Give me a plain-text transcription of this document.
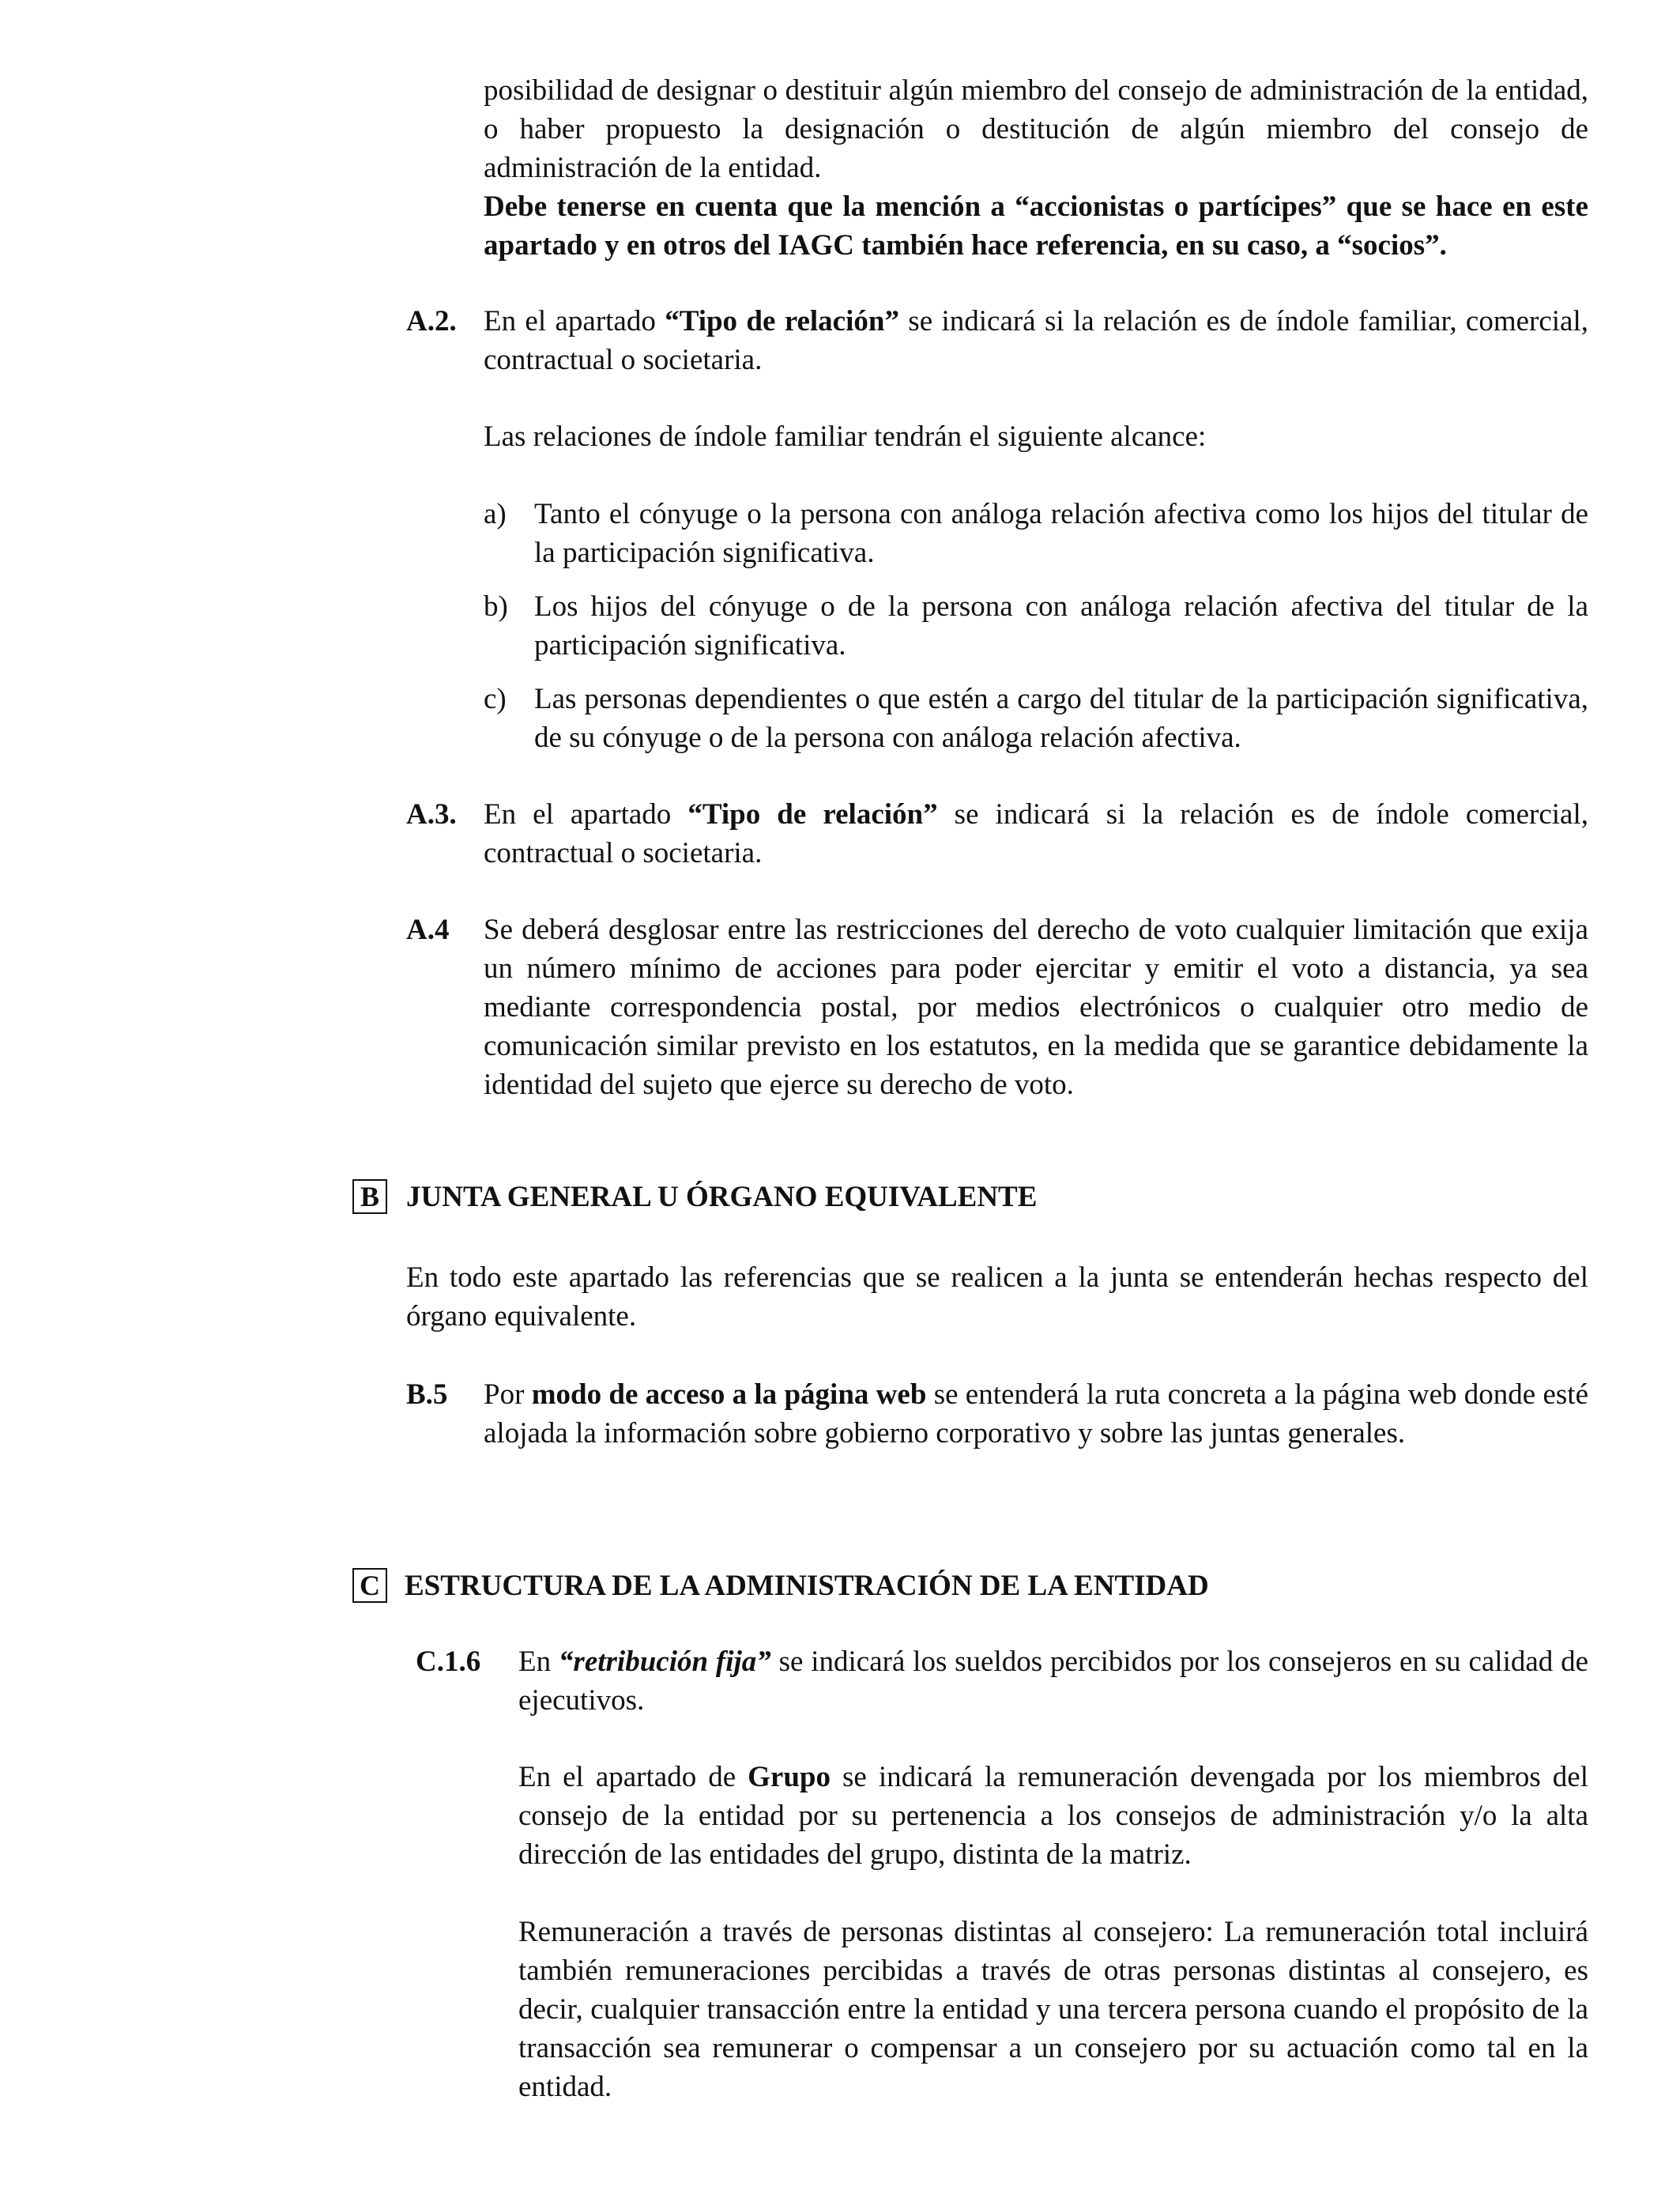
posibilidad de designar o destituir algún miembro del consejo de administración de la entidad, o haber propuesto la designación o destitución de algún miembro del consejo de administración de la entidad.

Debe tenerse en cuenta que la mención a “accionistas o partícipes” que se hace en este apartado y en otros del IAGC también hace referencia, en su caso, a “socios”.

A.2. En el apartado “Tipo de relación” se indicará si la relación es de índole familiar, comercial, contractual o societaria.

Las relaciones de índole familiar tendrán el siguiente alcance:

a) Tanto el cónyuge o la persona con análoga relación afectiva como los hijos del titular de la participación significativa.

b) Los hijos del cónyuge o de la persona con análoga relación afectiva del titular de la participación significativa.

c) Las personas dependientes o que estén a cargo del titular de la participación significativa, de su cónyuge o de la persona con análoga relación afectiva.

A.3. En el apartado “Tipo de relación” se indicará si la relación es de índole comercial, contractual o societaria.

A.4 Se deberá desglosar entre las restricciones del derecho de voto cualquier limitación que exija un número mínimo de acciones para poder ejercitar y emitir el voto a distancia, ya sea mediante correspondencia postal, por medios electrónicos o cualquier otro medio de comunicación similar previsto en los estatutos, en la medida que se garantice debidamente la identidad del sujeto que ejerce su derecho de voto.

B JUNTA GENERAL U ÓRGANO EQUIVALENTE

En todo este apartado las referencias que se realicen a la junta se entenderán hechas respecto del órgano equivalente.

B.5 Por modo de acceso a la página web se entenderá la ruta concreta a la página web donde esté alojada la información sobre gobierno corporativo y sobre las juntas generales.

C ESTRUCTURA DE LA ADMINISTRACIÓN DE LA ENTIDAD

C.1.6 En “retribución fija” se indicará los sueldos percibidos por los consejeros en su calidad de ejecutivos.

En el apartado de Grupo se indicará la remuneración devengada por los miembros del consejo de la entidad por su pertenencia a los consejos de administración y/o la alta dirección de las entidades del grupo, distinta de la matriz.

Remuneración a través de personas distintas al consejero: La remuneración total incluirá también remuneraciones percibidas a través de otras personas distintas al consejero, es decir, cualquier transacción entre la entidad y una tercera persona cuando el propósito de la transacción sea remunerar o compensar a un consejero por su actuación como tal en la entidad.
